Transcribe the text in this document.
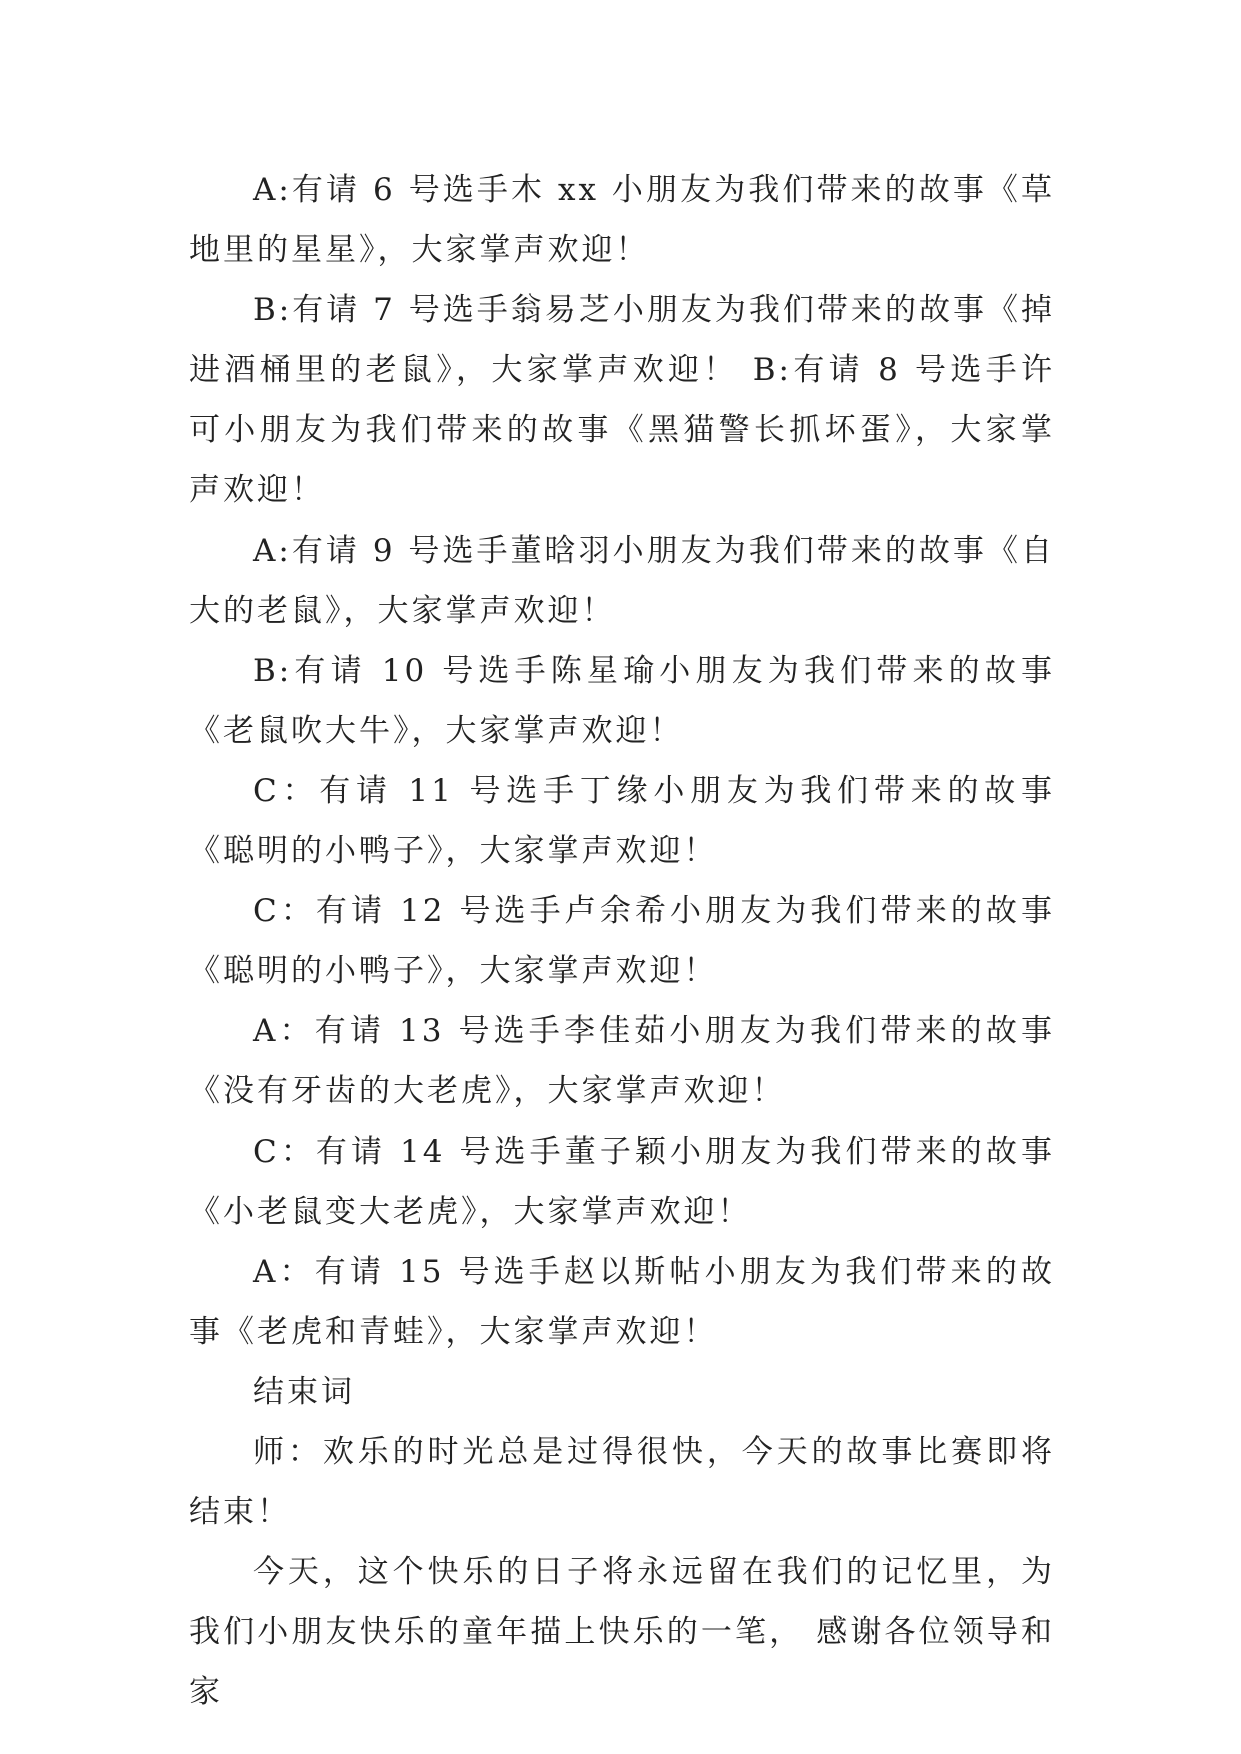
A:有请 6 号选手木 xx 小朋友为我们带来的故事《草地里的星星》，大家掌声欢迎！

B:有请 7 号选手翁易芝小朋友为我们带来的故事《掉进酒桶里的老鼠》，大家掌声欢迎！ B:有请 8 号选手许可小朋友为我们带来的故事《黑猫警长抓坏蛋》，大家掌声欢迎！

A:有请 9 号选手董晗羽小朋友为我们带来的故事《自大的老鼠》，大家掌声欢迎！

B:有请 10 号选手陈星瑜小朋友为我们带来的故事《老鼠吹大牛》，大家掌声欢迎！

C：有请 11 号选手丁缘小朋友为我们带来的故事《聪明的小鸭子》，大家掌声欢迎！

C：有请 12 号选手卢余希小朋友为我们带来的故事《聪明的小鸭子》，大家掌声欢迎！

A：有请 13 号选手李佳茹小朋友为我们带来的故事《没有牙齿的大老虎》，大家掌声欢迎！

C：有请 14 号选手董子颖小朋友为我们带来的故事《小老鼠变大老虎》，大家掌声欢迎！

A：有请 15 号选手赵以斯帖小朋友为我们带来的故事《老虎和青蛙》，大家掌声欢迎！

结束词

师：欢乐的时光总是过得很快，今天的故事比赛即将结束！

今天，这个快乐的日子将永远留在我们的记忆里，为我们小朋友快乐的童年描上快乐的一笔， 感谢各位领导和家
